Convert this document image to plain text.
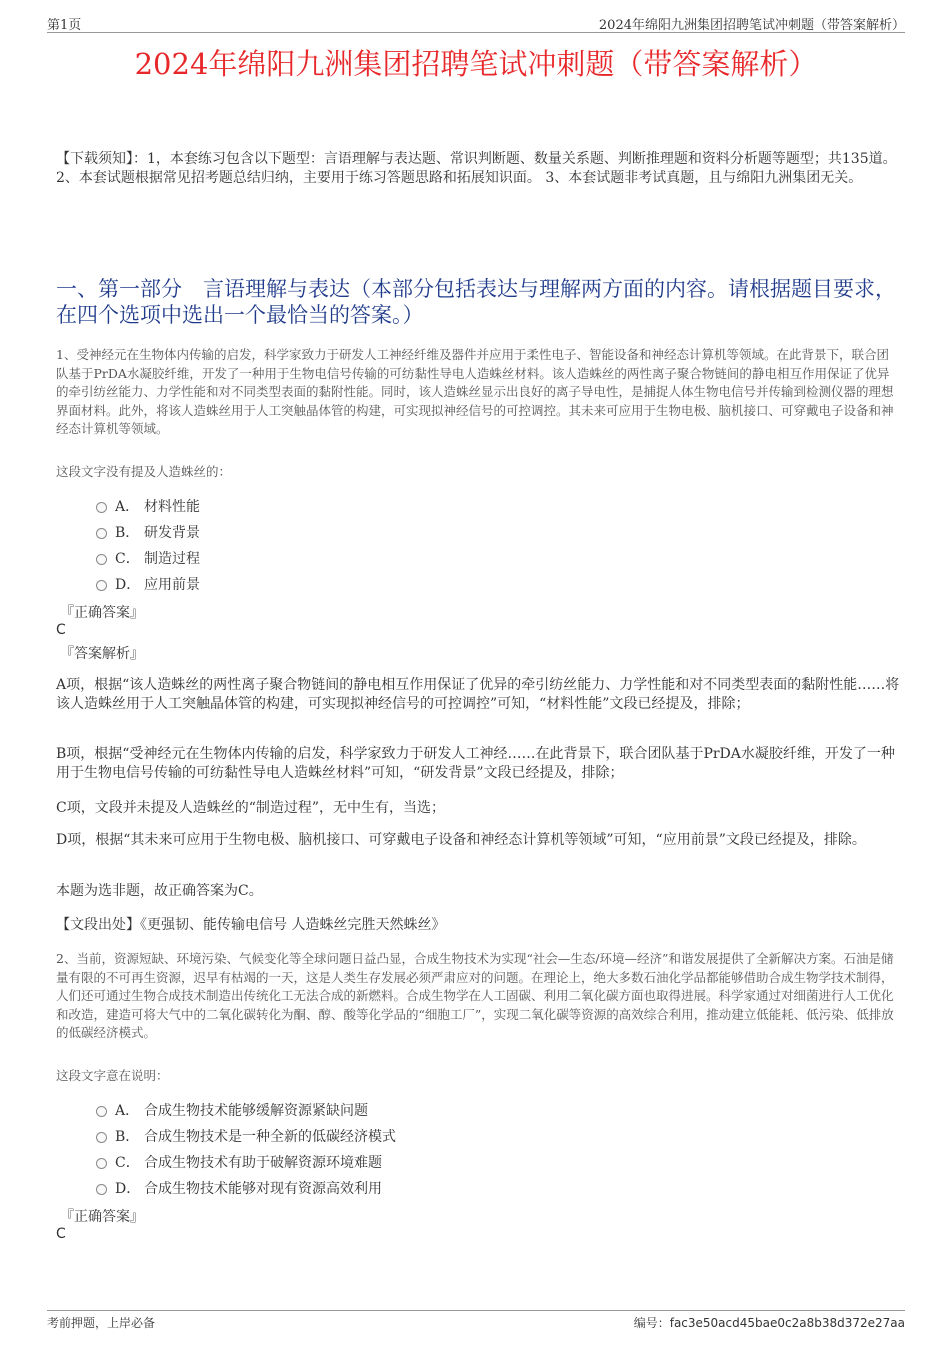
第1页	2024年绵阳九洲集团招聘笔试冲刺题（带答案解析）
2024年绵阳九洲集团招聘笔试冲刺题（带答案解析）
【下载须知】：1，本套练习包含以下题型：言语理解与表达题、常识判断题、数量关系题、判断推理题和资料分析题等题型；共135道。 2、本套试题根据常见招考题总结归纳，主要用于练习答题思路和拓展知识面。 3、本套试题非考试真题，且与绵阳九洲集团无关。
一、第一部分　言语理解与表达（本部分包括表达与理解两方面的内容。请根据题目要求，在四个选项中选出一个最恰当的答案。）
1、受神经元在生物体内传输的启发，科学家致力于研发人工神经纤维及器件并应用于柔性电子、智能设备和神经态计算机等领域。在此背景下，联合团队基于PrDA水凝胶纤维，开发了一种用于生物电信号传输的可纺黏性导电人造蛛丝材料。该人造蛛丝的两性离子聚合物链间的静电相互作用保证了优异的牵引纺丝能力、力学性能和对不同类型表面的黏附性能。同时，该人造蛛丝显示出良好的离子导电性，是捕捉人体生物电信号并传输到检测仪器的理想界面材料。此外，将该人造蛛丝用于人工突触晶体管的构建，可实现拟神经信号的可控调控。其未来可应用于生物电极、脑机接口、可穿戴电子设备和神经态计算机等领域。
这段文字没有提及人造蛛丝的：
A． 材料性能
B． 研发背景
C． 制造过程
D． 应用前景
『正确答案』
C
『答案解析』
A项，根据“该人造蛛丝的两性离子聚合物链间的静电相互作用保证了优异的牵引纺丝能力、力学性能和对不同类型表面的黏附性能……将该人造蛛丝用于人工突触晶体管的构建，可实现拟神经信号的可控调控”可知，“材料性能”文段已经提及，排除；
B项，根据“受神经元在生物体内传输的启发，科学家致力于研发人工神经……在此背景下，联合团队基于PrDA水凝胶纤维，开发了一种用于生物电信号传输的可纺黏性导电人造蛛丝材料”可知，“研发背景”文段已经提及，排除；
C项，文段并未提及人造蛛丝的“制造过程”，无中生有，当选；
D项，根据“其未来可应用于生物电极、脑机接口、可穿戴电子设备和神经态计算机等领域”可知，“应用前景”文段已经提及，排除。
本题为选非题，故正确答案为C。
【文段出处】《更强韧、能传输电信号 人造蛛丝完胜天然蛛丝》
2、当前，资源短缺、环境污染、气候变化等全球问题日益凸显，合成生物技术为实现“社会—生态/环境—经济”和谐发展提供了全新解决方案。石油是储量有限的不可再生资源，迟早有枯竭的一天，这是人类生存发展必须严肃应对的问题。在理论上，绝大多数石油化学品都能够借助合成生物学技术制得，人们还可通过生物合成技术制造出传统化工无法合成的新燃料。合成生物学在人工固碳、利用二氧化碳方面也取得进展。科学家通过对细菌进行人工优化和改造，建造可将大气中的二氧化碳转化为酮、醇、酸等化学品的“细胞工厂”，实现二氧化碳等资源的高效综合利用，推动建立低能耗、低污染、低排放的低碳经济模式。
这段文字意在说明：
A． 合成生物技术能够缓解资源紧缺问题
B． 合成生物技术是一种全新的低碳经济模式
C． 合成生物技术有助于破解资源环境难题
D． 合成生物技术能够对现有资源高效利用
『正确答案』
C
考前押题，上岸必备	编号：fac3e50acd45bae0c2a8b38d372e27aa
